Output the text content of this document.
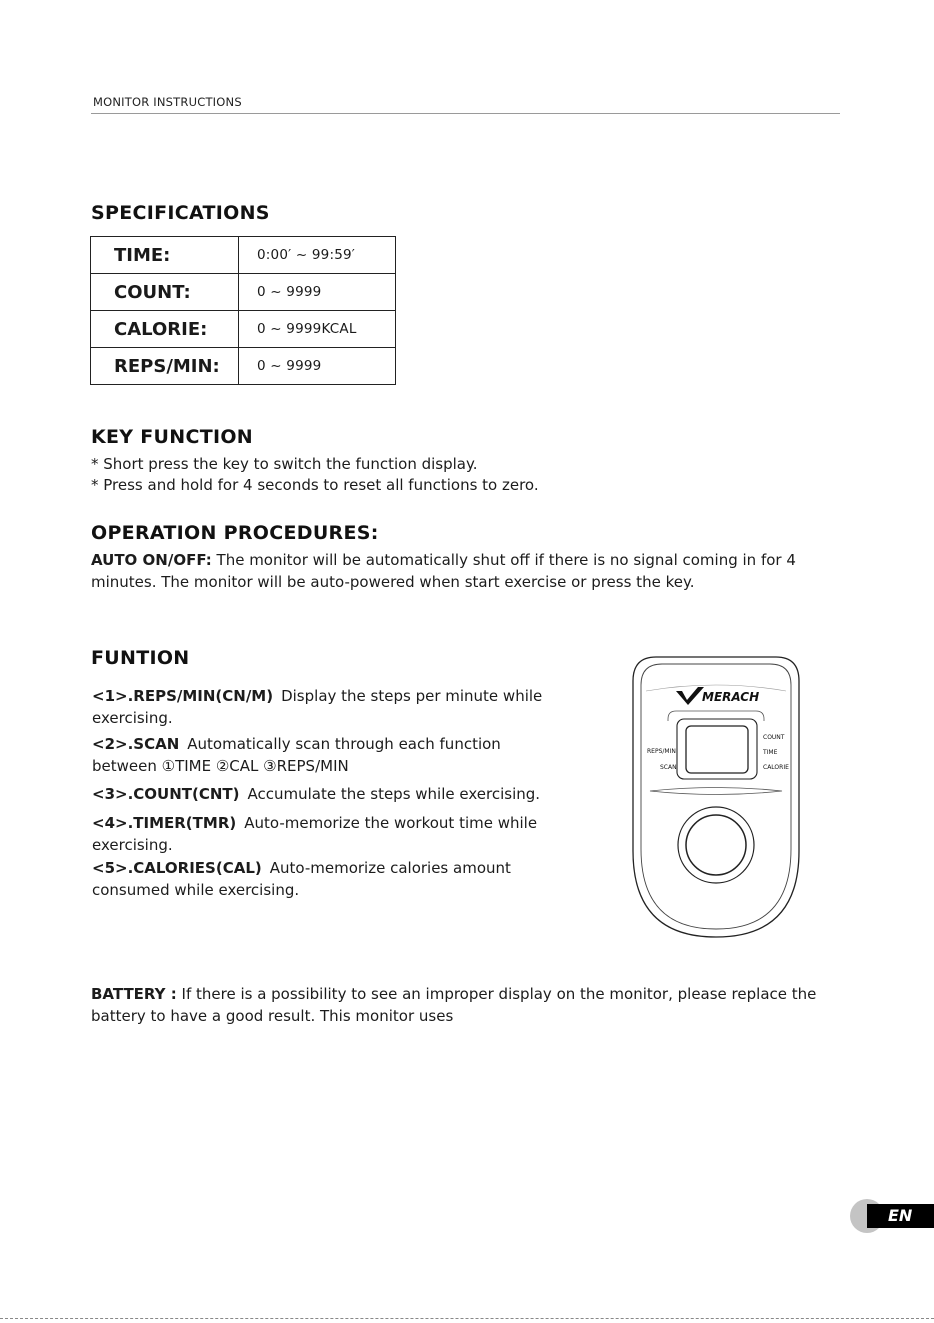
MONITOR INSTRUCTIONS
SPECIFICATIONS
TIME:	0:00′ ~ 99:59′
COUNT:	0 ~ 9999
CALORIE:	0 ~ 9999KCAL
REPS/MIN:	0 ~ 9999
KEY FUNCTION

* Short press the key to switch the function display.

* Press and hold for 4 seconds to reset all functions to zero.

OPERATION PROCEDURES:

AUTO ON/OFF: The monitor will be automatically shut off if there is no signal coming in for 4 minutes. The monitor will be auto-powered when start exercise or press the key.

FUNTION

<1>.REPS/MIN(CN/M) Display the steps per minute while exercising.

<2>.SCAN Automatically scan through each function between ①TIME ②CAL ③REPS/MIN

<3>.COUNT(CNT) Accumulate the steps while exercising.

<4>.TIMER(TMR) Auto-memorize the workout time while exercising.

<5>.CALORIES(CAL) Auto-memorize calories amount consumed while exercising.

MERACH
REPS/MIN
SCAN
COUNT
TIME
CALORIE

BATTERY : If there is a possibility to see an improper display on the monitor, please replace the battery to have a good result. This monitor uses

EN
